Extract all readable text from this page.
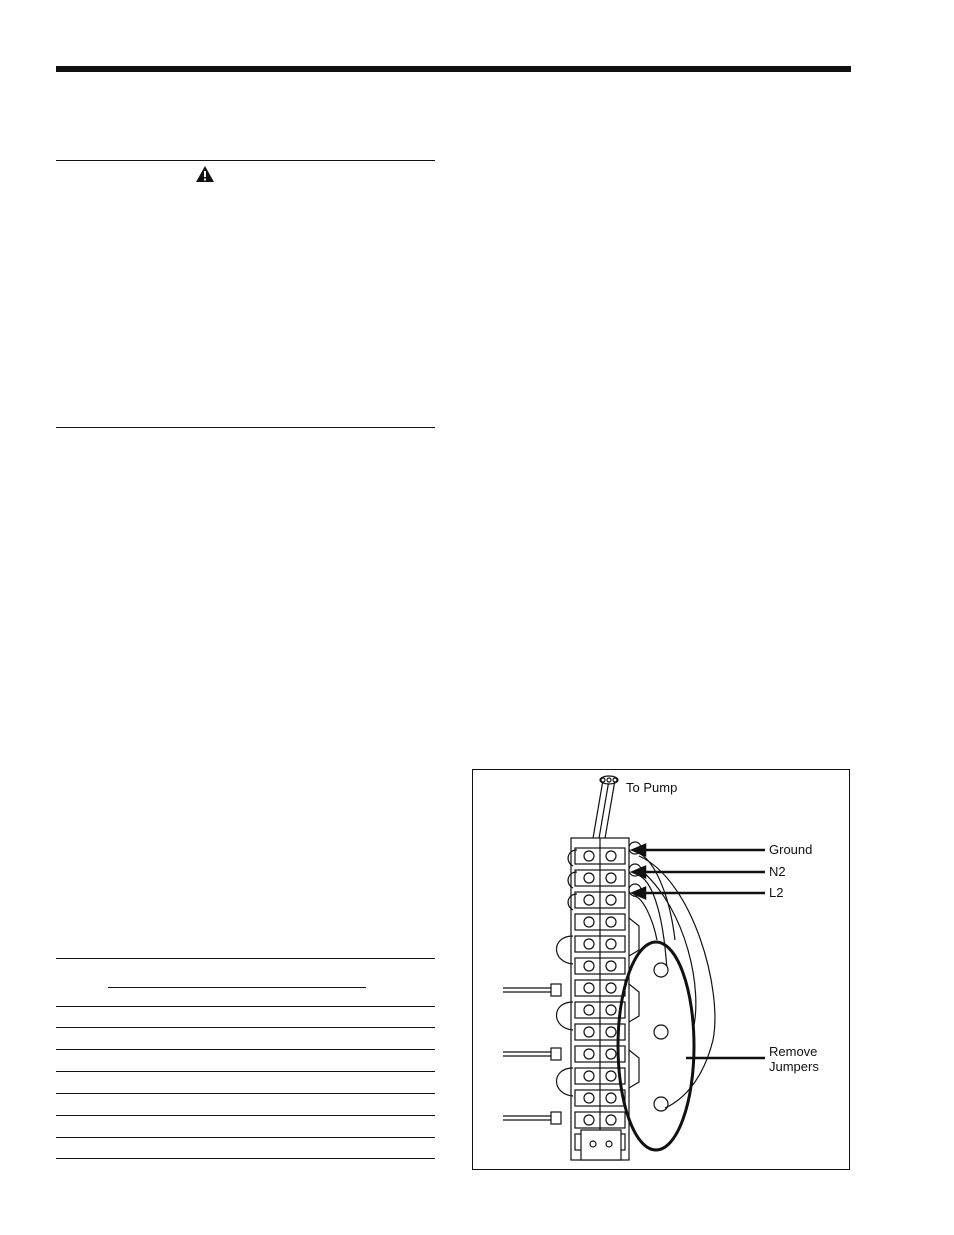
To Pump
Ground
N2
L2
Remove
Jumpers
